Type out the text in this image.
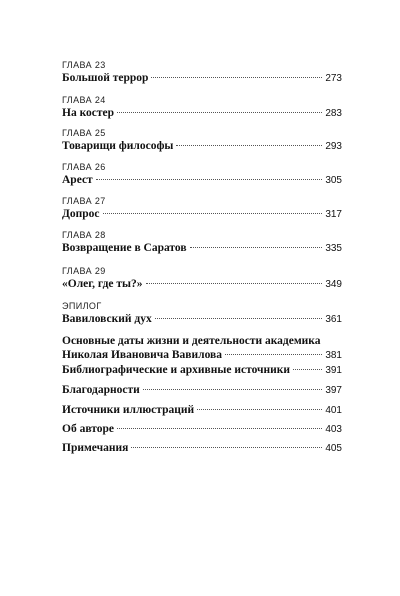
ГЛАВА 23
Большой террор	273
ГЛАВА 24
На костер	283
ГЛАВА 25
Товарищи философы	293
ГЛАВА 26
Арест	305
ГЛАВА 27
Допрос	317
ГЛАВА 28
Возвращение в Саратов	335
ГЛАВА 29
«Олег, где ты?»	349
ЭПИЛОГ
Вавиловский дух	361
Основные даты жизни и деятельности академика
Николая Ивановича Вавилова	381
Библиографические и архивные источники	391
Благодарности	397
Источники иллюстраций	401
Об авторе	403
Примечания	405
